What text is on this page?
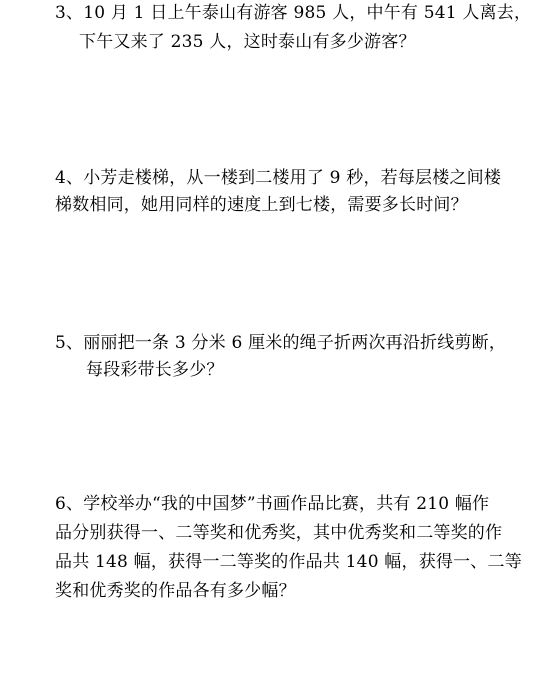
3、10 月 1 日上午泰山有游客 985 人，中午有 541 人离去，
下午又来了 235 人，这时泰山有多少游客？
4、小芳走楼梯，从一楼到二楼用了 9 秒，若每层楼之间楼
梯数相同，她用同样的速度上到七楼，需要多长时间？
5、丽丽把一条 3 分米 6 厘米的绳子折两次再沿折线剪断，
每段彩带长多少？
6、学校举办“我的中国梦”书画作品比赛，共有 210 幅作
品分别获得一、二等奖和优秀奖，其中优秀奖和二等奖的作
品共 148 幅，获得一二等奖的作品共 140 幅，获得一、二等
奖和优秀奖的作品各有多少幅？
